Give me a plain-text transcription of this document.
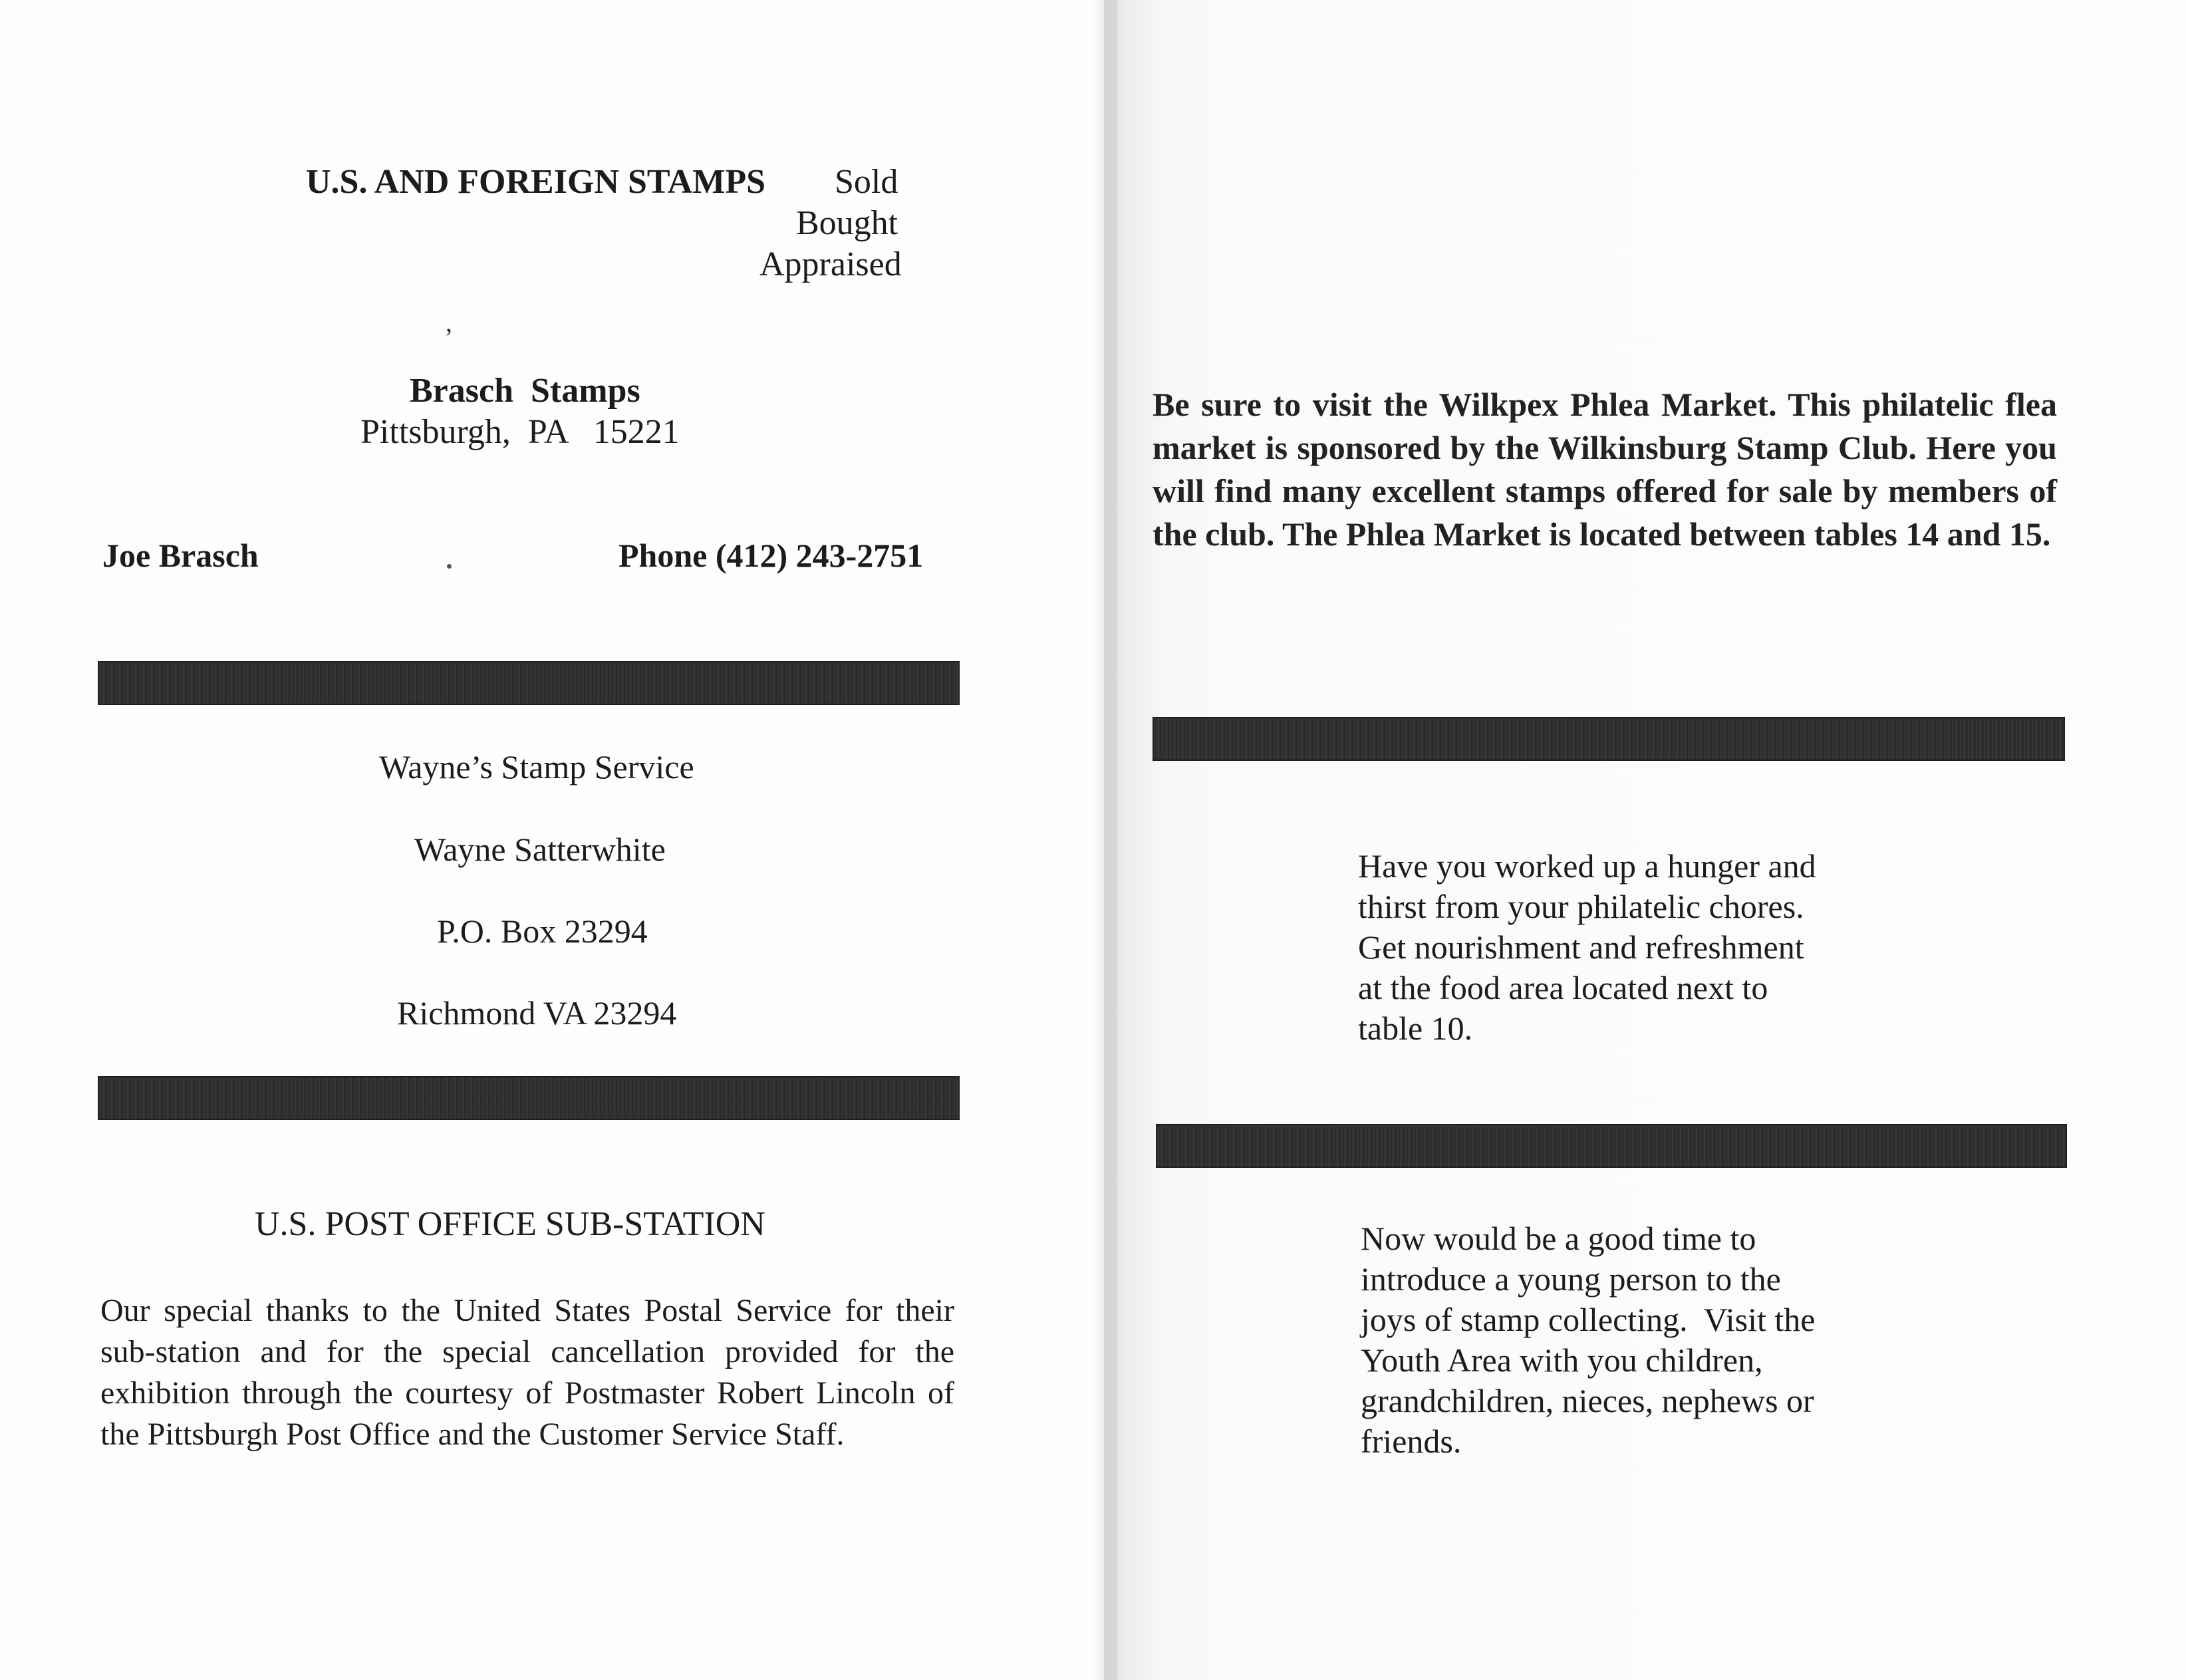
U.S. AND FOREIGN STAMPS Sold
Bought
Appraised
’
Brasch  Stamps
Pittsburgh,  PA   15221
Joe Brasch	Phone (412) 243-2751
Wayne’s Stamp Service
Wayne Satterwhite
P.O. Box 23294
Richmond VA 23294
U.S. POST OFFICE SUB-STATION
Our special thanks to the United States Postal Service for their sub-station and for the special cancellation provided for the exhibition through the courtesy of Postmaster Robert Lincoln of the Pittsburgh Post Office and the Customer Service Staff.
Be sure to visit the Wilkpex Phlea Market. This philatelic flea market is sponsored by the Wilkinsburg Stamp Club. Here you will find many excellent stamps offered for sale by members of the club. The Phlea Market is located between tables 14 and 15.
Have you worked up a hunger and
thirst from your philatelic chores.
Get nourishment and refreshment
at the food area located next to
table 10.
Now would be a good time to
introduce a young person to the
joys of stamp collecting.  Visit the
Youth Area with you children,
grandchildren, nieces, nephews or
friends.
